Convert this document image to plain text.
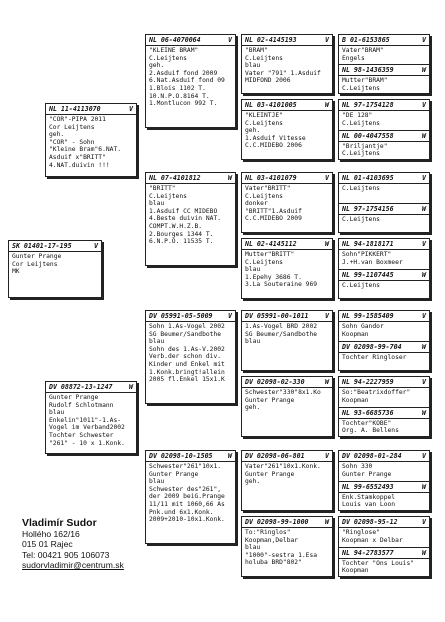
SK 01401-17-195	V
Gunter Prange
Cor Leijtens
MK
NL 11-4113070	V
"COR"-PIPA 2011
Cor Leijtens
geh.
"COR" - Sohn
"Kleine Bram"6.NAT.
Asduif x"BRITT"
4.NAT.duivin !!!
DV 08872-13-1247 W
Gunter Prange
Rudolf Schlotmann
blau
Enkelin"1011"-1.As-
Vogel im Verband2002
Tochter Schwester
"261" - 10 x 1.Konk.
NL 06-4070064	V
"KLEINE BRAM"
C.Leijtens
geh.
2.Asduif fond 2009
6.Nat.Asduif fond 09
1.Blois 1102 T.
10.N.P.O.8164 T.
1.Montlucon 992 T.
NL 07-4101812	W
"BRITT"
C.Leijtens
blau
1.Asduif CC MIDEBO
4.Beste duivin NAT.
COMPT.W.H.Z.B.
2.Bourges 1344 T.
6.N.P.O. 11535 T.
DV 05991-05-5009 V
Sohn 1.As-Vogel 2002
SG Beumer/Sandbothe
blau
Sohn des 1.As-V.2002
Verb.der schon div.
Kinder und Enkel mit
1.Konk.bringt!allein
2005 fl.Enkel 15x1.K
DV 02098-10-1505 W
Schwester"261"10x1.
Gunter Prange
blau
Schwester des"261",
der 2009 beiG.Prange
11/11 mit 1060,66 As
Pnk.und 6x1.Konk.
2009+2010-10x1.Konk.
NL 02-4145193	V
"BRAM"
C.Leijtens
blau
Vater "791" 1.Asduif
MIDFOND 2006
NL 03-4101005	W
"KLEINTJE"
C.Leijtens
geh.
1.Asduif Vitesse
C.C.MIDEBO 2006
NL 03-4101079	V
Vater"BRITT"
C.Leijtens
donker
"BRITT"1.Asduif
C.C.MIDEBO 2009
NL 02-4145112	W
Mutter"BRITT"
C.Leijtens
blau
1.Epehy 3686 T.
3.La Souteraine 969
DV 05991-00-1011 V
1.As-Vogel BRD 2002
SG Beumer/Sandbothe
blau
DV 02098-02-330	W
Schwester"330"8x1.Ko
Gunter Prange
geh.
DV 02098-06-801	V
Vater"261"10x1.Konk.
Gunter Prange
geh.
DV 02098-99-1000 W
To:"Ringlos"
Koopman,Delbar
blau
"1000"-sestra 1.Esa
holuba BRD"802"
B 01-6153865	V
Vater"BRAM"
Engels
NL 98-1436359	W
Mutter"BRAM"
C.Leijtens
NL 97-1754128	V
"DE 128"
C.Leijtens
NL 00-4047558	W
"Briljantje"
C.Leijtens
NL 01-4103695	V
C.Leijtens
NL 97-1754156	W
C.Leijtens
NL 94-1818171	V
Sohn"PIKKERT"
J.+H.van Boxmeer
NL 99-1107445	W
C.Leijtens
NL 99-1585409	V
Sohn Gandor
Koopman
DV 02098-99-704	W
Tochter Ringloser
NL 94-2227959	V
So:"Beatrixdoffer"
Koopman
NL 93-6685736	W
Tochter"KOBE"
Org. A. Bellens
DV 02098-01-284	V
Sohn 330
Gunter Prange
NL 99-6552493	W
Enk.Stamkoppel
Louis van Loon
DV 02098-95-12	V
"Ringlose"
Koopman x Delbar
NL 94-2783577	W
Tochter "Ons Louis"
Koopman
Vladimír Sudor
Hollého 162/16
015 01 Rajec
Tel: 00421 905 106073
sudorvladimir@centrum.sk
